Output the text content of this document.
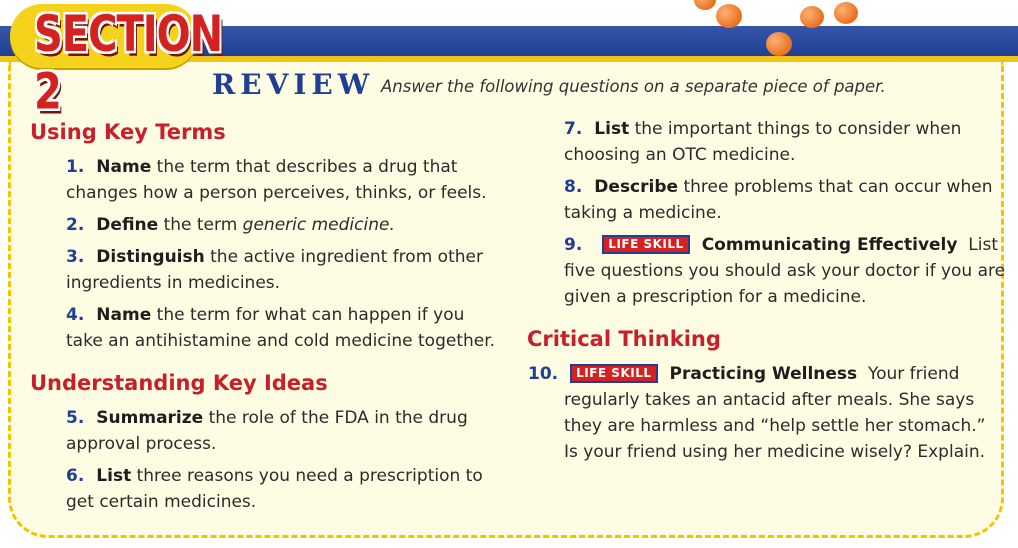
SECTION 2	REVIEW Answer the following questions on a separate piece of paper.
Using Key Terms
1. Name the term that describes a drug that
changes how a person perceives, thinks, or feels.
2. Define the term generic medicine.
3. Distinguish the active ingredient from other
ingredients in medicines.
4. Name the term for what can happen if you
take an antihistamine and cold medicine together.
Understanding Key Ideas
5. Summarize the role of the FDA in the drug
approval process.
6. List three reasons you need a prescription to
get certain medicines.
7. List the important things to consider when
choosing an OTC medicine.
8. Describe three problems that can occur when
taking a medicine.
9. LIFE SKILL Communicating Effectively List
five questions you should ask your doctor if you are
given a prescription for a medicine.
Critical Thinking
10. LIFE SKILL Practicing Wellness Your friend
regularly takes an antacid after meals. She says
they are harmless and “help settle her stomach.”
Is your friend using her medicine wisely? Explain.
